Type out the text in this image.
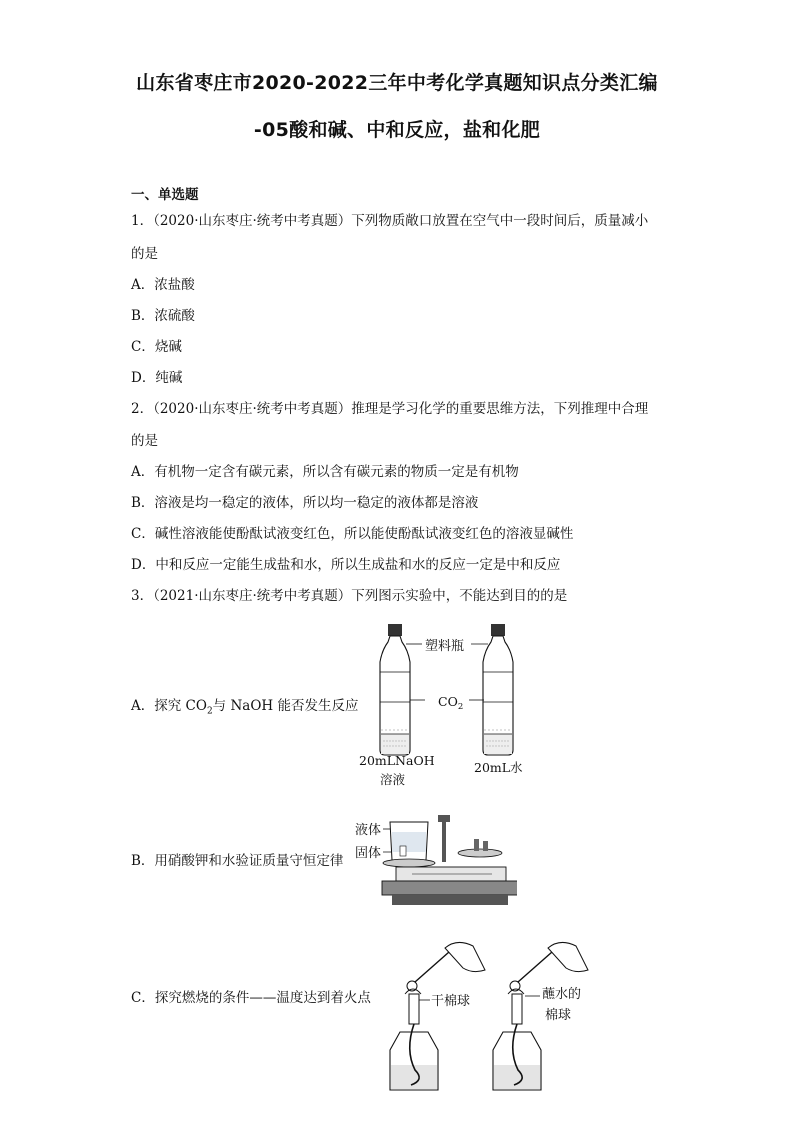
山东省枣庄市2020-2022三年中考化学真题知识点分类汇编
-05酸和碱、中和反应，盐和化肥
一、单选题
1．（2020·山东枣庄·统考中考真题）下列物质敞口放置在空气中一段时间后，质量减小
的是
A．浓盐酸
B．浓硫酸
C．烧碱
D．纯碱
2．（2020·山东枣庄·统考中考真题）推理是学习化学的重要思维方法，下列推理中合理
的是
A．有机物一定含有碳元素，所以含有碳元素的物质一定是有机物
B．溶液是均一稳定的液体，所以均一稳定的液体都是溶液
C．碱性溶液能使酚酞试液变红色，所以能使酚酞试液变红色的溶液显碱性
D．中和反应一定能生成盐和水，所以生成盐和水的反应一定是中和反应
3．（2021·山东枣庄·统考中考真题）下列图示实验中，不能达到目的的是
A．探究 $CO_2$与 NaOH 能否发生反应
塑料瓶
$CO_2$
20mLNaOH
溶液
20mL水
B．用硝酸钾和水验证质量守恒定律
液体
固体
C．探究燃烧的条件——温度达到着火点	干棉球	蘸水的
棉球
